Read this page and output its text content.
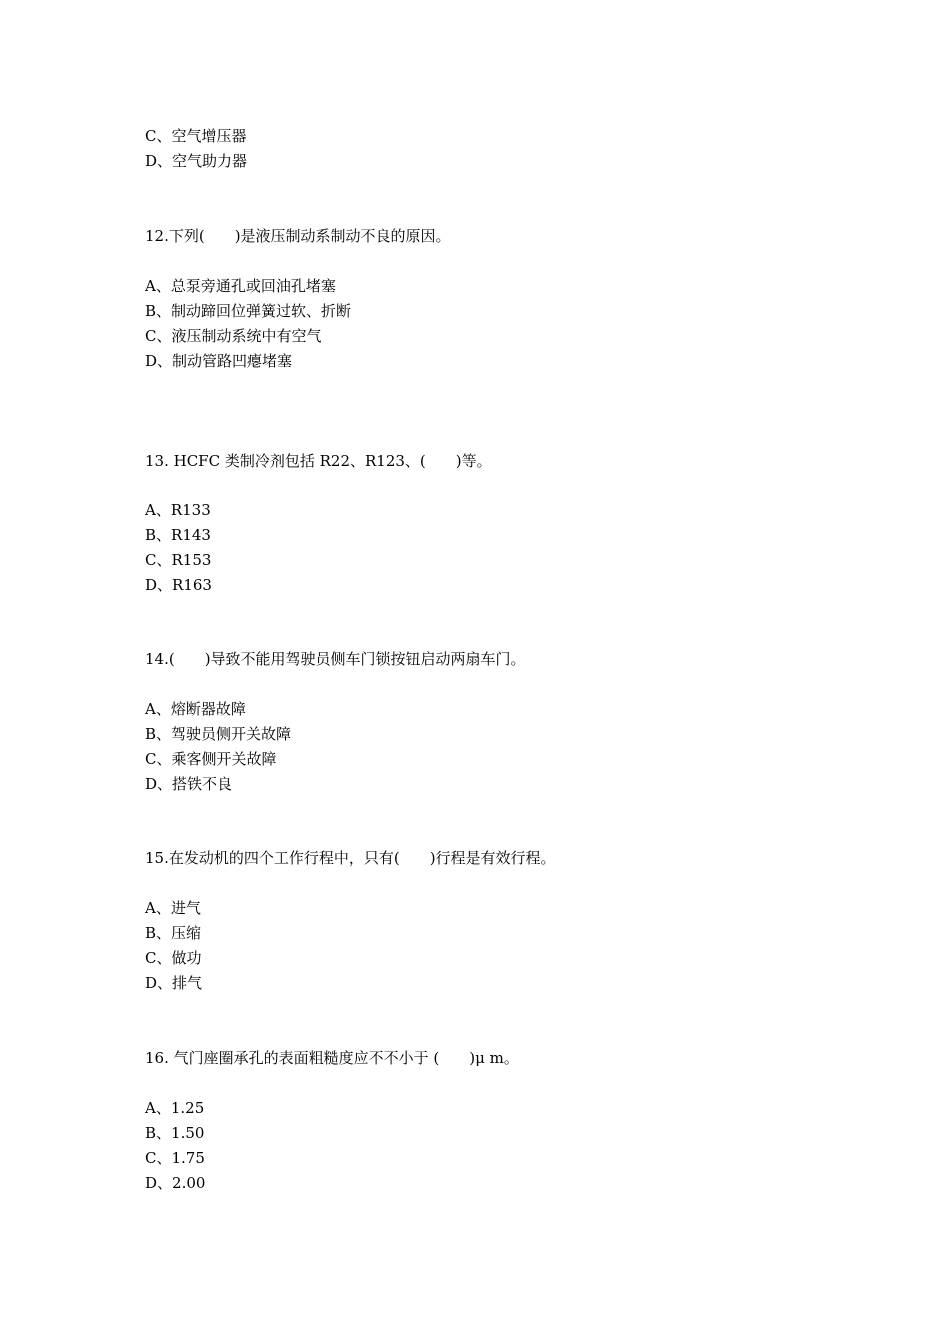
C、空气增压器
D、空气助力器
12.下列(　　)是液压制动系制动不良的原因。
A、总泵旁通孔或回油孔堵塞
B、制动蹄回位弹簧过软、折断
C、液压制动系统中有空气
D、制动管路凹瘪堵塞
13. HCFC 类制冷剂包括 R22、R123、(　　)等。
A、R133
B、R143
C、R153
D、R163
14.(　　)导致不能用驾驶员侧车门锁按钮启动两扇车门。
A、熔断器故障
B、驾驶员侧开关故障
C、乘客侧开关故障
D、搭铁不良
15.在发动机的四个工作行程中，只有(　　)行程是有效行程。
A、进气
B、压缩
C、做功
D、排气
16. 气门座圈承孔的表面粗糙度应不不小于 (　　)μ m。
A、1.25
B、1.50
C、1.75
D、2.00
